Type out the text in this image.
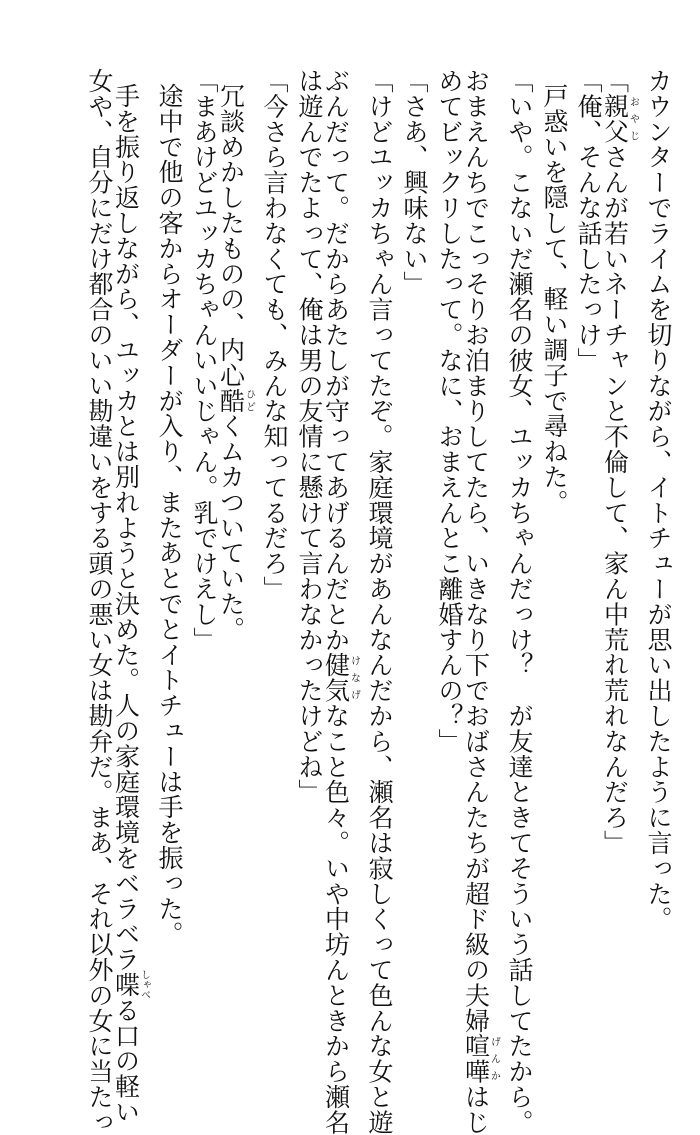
カウンターでライムを切りながら、イトチューが思い出したように言った。
「親父おやじさんが若いネーチャンと不倫して、家ん中荒れ荒れなんだろ」
「俺、そんな話したっけ」
戸惑いを隠して、軽い調子で尋ねた。
「いや。こないだ瀬名の彼女、ユッカちゃんだっけ？　が友達ときてそういう話してたから。
おまえんちでこっそりお泊まりしてたら、いきなり下でおばさんたちが超ド級の夫婦喧嘩げんかはじ
めてビックリしたって。なに、おまえんとこ離婚すんの？」
「さあ、興味ない」
「けどユッカちゃん言ってたぞ。家庭環境があんなんだから、瀬名は寂しくって色んな女と遊
ぶんだって。だからあたしが守ってあげるんだとか健気けなげなこと色々。いや中坊んときから瀬名
は遊んでたよって、俺は男の友情に懸けて言わなかったけどね」
「今さら言わなくても、みんな知ってるだろ」
冗談めかしたものの、内心酷ひどくムカついていた。
「まあけどユッカちゃんいいじゃん。乳でけえし」
途中で他の客からオーダーが入り、またあとでとイトチューは手を振った。
手を振り返しながら、ユッカとは別れようと決めた。人の家庭環境をベラベラ喋しゃべる口の軽い
女や、自分にだけ都合のいい勘違いをする頭の悪い女は勘弁だ。まあ、それ以外の女に当たっ
